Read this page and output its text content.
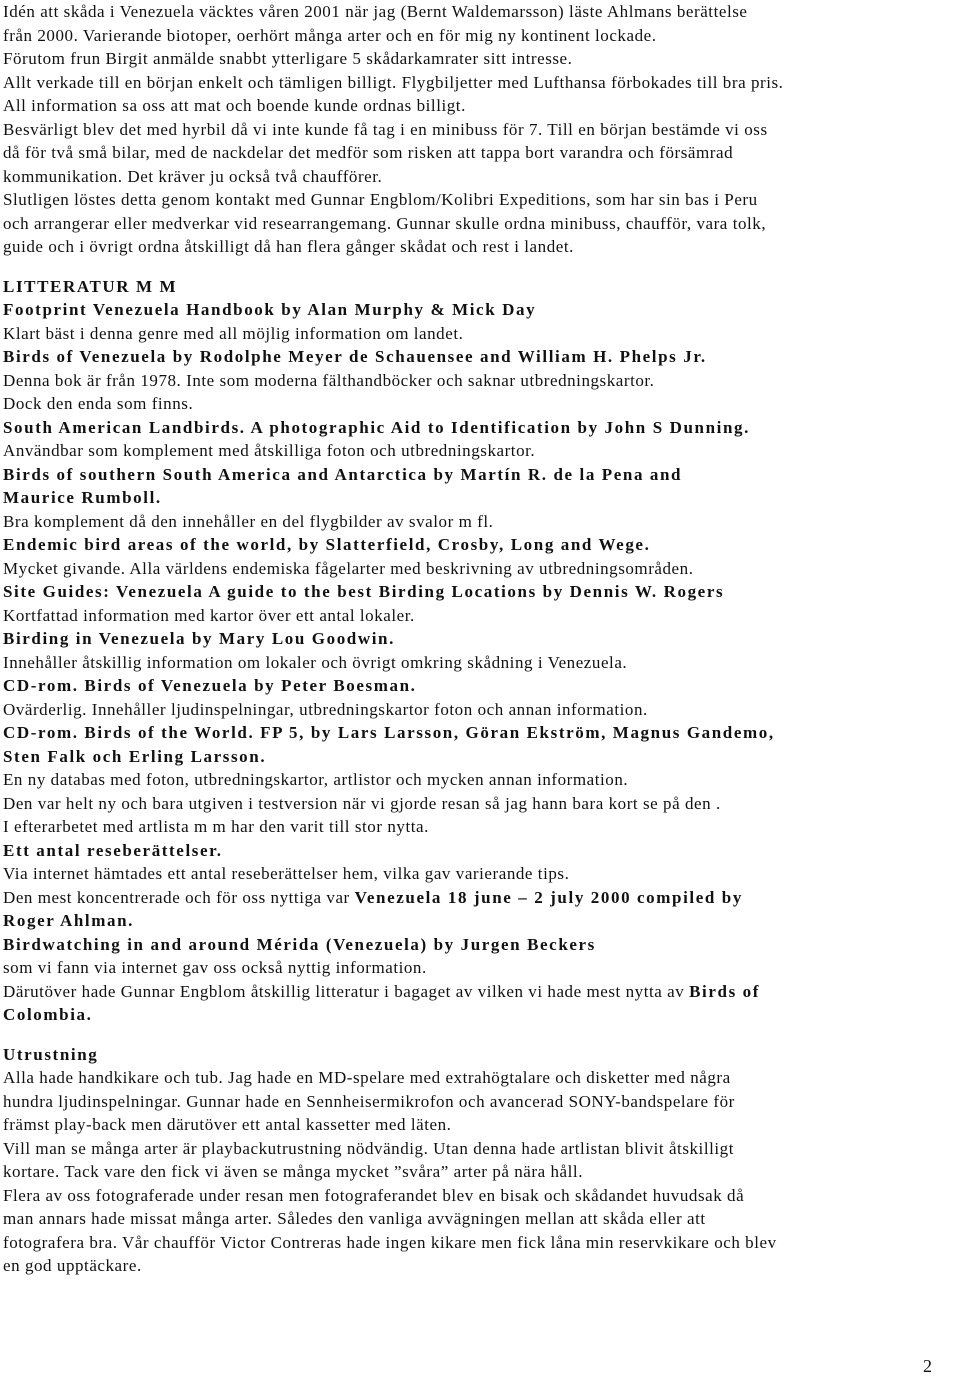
Idén att skåda i Venezuela väcktes våren 2001 när jag (Bernt Waldemarsson) läste Ahlmans berättelse
från 2000. Varierande biotoper, oerhört många arter och en för mig ny kontinent lockade.
Förutom frun Birgit anmälde snabbt ytterligare 5 skådarkamrater sitt intresse.
Allt verkade till en början enkelt och tämligen billigt. Flygbiljetter med Lufthansa förbokades till bra pris.
All information sa oss att mat och boende kunde ordnas billigt.
Besvärligt blev det med hyrbil då vi inte kunde få tag i en minibuss för 7. Till en början bestämde vi oss
då för två små bilar, med de nackdelar det medför som risken att tappa bort varandra och försämrad
kommunikation. Det kräver ju också två chaufförer.
Slutligen löstes detta genom kontakt med Gunnar Engblom/Kolibri Expeditions, som har sin bas i Peru
och arrangerar eller medverkar vid researrangemang. Gunnar skulle ordna minibuss, chaufför, vara tolk,
guide och i övrigt ordna åtskilligt då han flera gånger skådat och rest i landet.
LITTERATUR M M
Footprint Venezuela Handbook by Alan Murphy & Mick Day
Klart bäst i denna genre med all möjlig information om landet.
Birds of Venezuela by Rodolphe Meyer de Schauensee and William H. Phelps Jr.
Denna bok är från 1978. Inte som moderna fälthandböcker och saknar utbredningskartor.
Dock den enda som finns.
South American Landbirds. A photographic Aid to Identification by John S Dunning.
Användbar som komplement med åtskilliga foton och utbredningskartor.
Birds of southern South America and Antarctica by Martín R. de la Pena and
Maurice Rumboll.
Bra komplement då den innehåller en del flygbilder av svalor m fl.
Endemic bird areas of the world, by Slatterfield, Crosby, Long and Wege.
Mycket givande. Alla världens endemiska fågelarter med beskrivning av utbredningsområden.
Site Guides: Venezuela A guide to the best Birding Locations by Dennis W. Rogers
Kortfattad information med kartor över ett antal lokaler.
Birding in Venezuela by Mary Lou Goodwin.
Innehåller åtskillig information om lokaler och övrigt omkring skådning i Venezuela.
CD-rom. Birds of Venezuela by Peter Boesman.
Ovärderlig. Innehåller ljudinspelningar, utbredningskartor foton och annan information.
CD-rom. Birds of the World. FP 5, by Lars Larsson, Göran Ekström, Magnus Gandemo,
Sten Falk och Erling Larsson.
En ny databas med foton, utbredningskartor, artlistor och mycken annan information.
Den var helt ny och bara utgiven i testversion när vi gjorde resan så jag hann bara kort se på den .
I efterarbetet med artlista m m har den varit till stor nytta.
Ett antal reseberättelser.
Via internet hämtades ett antal reseberättelser hem, vilka gav varierande tips.
Den mest koncentrerade och för oss nyttiga var Venezuela 18 june – 2 july 2000 compiled by
Roger Ahlman.
Birdwatching in and around Mérida (Venezuela) by Jurgen Beckers
som vi fann via internet gav oss också nyttig information.
Därutöver hade Gunnar Engblom åtskillig litteratur i bagaget av vilken vi hade mest nytta av Birds of
Colombia.
Utrustning
Alla hade handkikare och tub. Jag hade en MD-spelare med extrahögtalare och disketter med några
hundra ljudinspelningar. Gunnar hade en Sennheisermikrofon och avancerad SONY-bandspelare för
främst play-back men därutöver ett antal kassetter med läten.
Vill man se många arter är playbackutrustning nödvändig. Utan denna hade artlistan blivit åtskilligt
kortare. Tack vare den fick vi även se många mycket ”svåra” arter på nära håll.
Flera av oss fotograferade under resan men fotograferandet blev en bisak och skådandet huvudsak då
man annars hade missat många arter. Således den vanliga avvägningen mellan att skåda eller att
fotografera bra. Vår chaufför Victor Contreras hade ingen kikare men fick låna min reservkikare och blev
en god upptäckare.
2
